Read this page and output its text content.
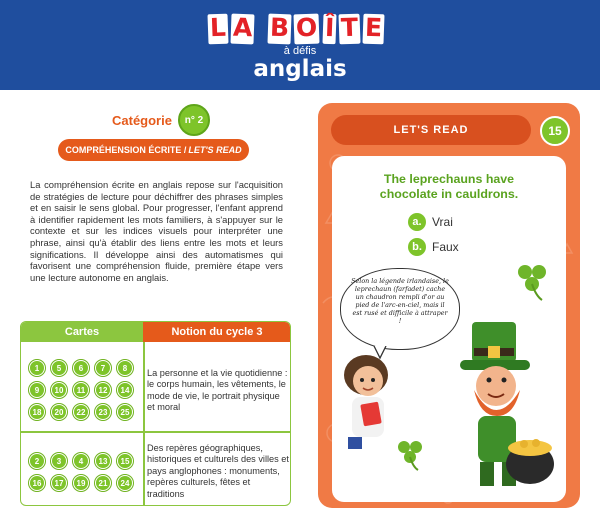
L A B O Î T E
à défis
anglais
Catégorie	n° 2
COMPRÉHENSION ÉCRITE / LET'S READ

La compréhension écrite en anglais repose sur l'acquisition de stratégies de lecture pour déchiffrer des phrases simples et en saisir le sens global. Pour progresser, l'enfant apprend à identifier rapidement les mots familiers, à s'appuyer sur le contexte et sur les indices visuels pour interpréter une phrase, ainsi qu'à établir des liens entre les mots et leurs significations. Il développe ainsi des automatismes qui favorisent une compréhension fluide, première étape vers une lecture autonome en anglais.

Cartes	Notion du cycle 3
1	5	6	7	8
9	10	11	12	14
18	20	22	23	25
La personne et la vie quotidienne : le corps humain, les vêtements, le mode de vie, le portrait physique et moral
2	3	4	13	15
16	17	19	21	24
Des repères géographiques, historiques et culturels des villes et pays anglophones : monuments, repères culturels, fêtes et traditions
LET'S READ	15
The leprechauns have
chocolate in cauldrons.
a. Vrai
b. Faux
Selon la légende irlandaise, le leprechaun (farfadet) cache un chaudron rempli d'or au pied de l'arc-en-ciel, mais il est rusé et difficile à attraper !
